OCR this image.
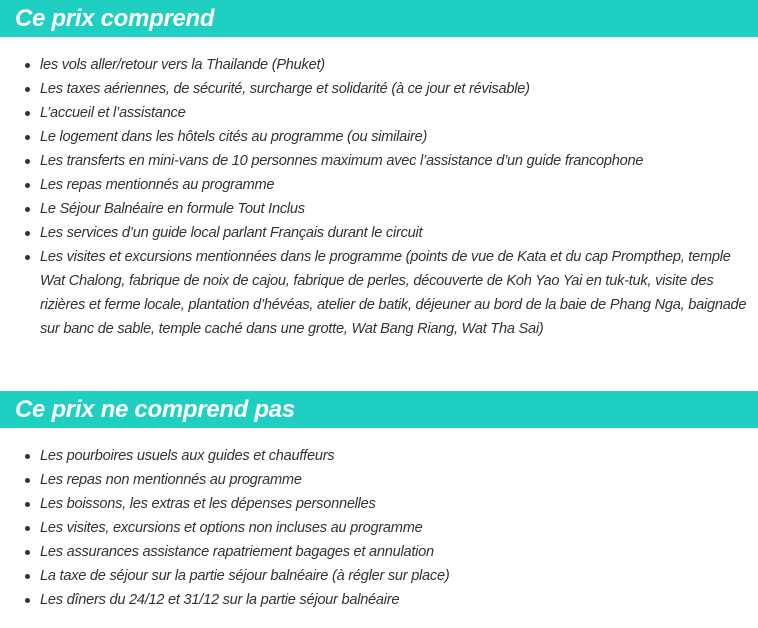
Ce prix comprend
les vols aller/retour vers la Thailande (Phuket)
Les taxes aériennes, de sécurité, surcharge et solidarité (à ce jour et révisable)
L’accueil et l’assistance
Le logement dans les hôtels cités au programme (ou similaire)
Les transferts en mini-vans de 10 personnes maximum avec l’assistance d’un guide francophone
Les repas mentionnés au programme
Le Séjour Balnéaire en formule Tout Inclus
Les services d’un guide local parlant Français durant le circuit
Les visites et excursions mentionnées dans le programme (points de vue de Kata et du cap Prompthep, temple Wat Chalong, fabrique de noix de cajou, fabrique de perles, découverte de Koh Yao Yai en tuk-tuk, visite des rizières et ferme locale, plantation d’hévéas, atelier de batik, déjeuner au bord de la baie de Phang Nga, baignade sur banc de sable, temple caché dans une grotte, Wat Bang Riang, Wat Tha Sai)
Ce prix ne comprend pas
Les pourboires usuels aux guides et chauffeurs
Les repas non mentionnés au programme
Les boissons, les extras et les dépenses personnelles
Les visites, excursions et options non incluses au programme
Les assurances assistance rapatriement bagages et annulation
La taxe de séjour sur la partie séjour balnéaire (à régler sur place)
Les dîners du 24/12 et 31/12 sur la partie séjour balnéaire
